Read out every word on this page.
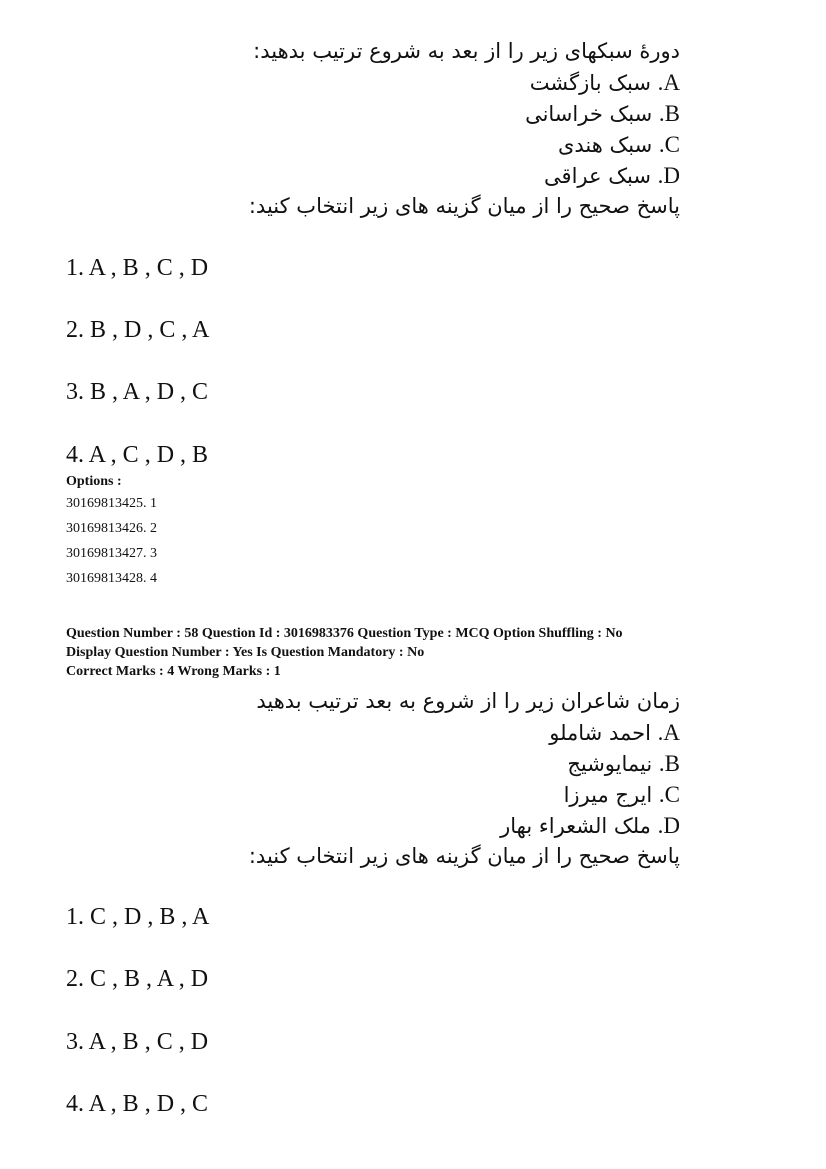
دورهٔ سبکهای زیر را از بعد به شروع ترتیب بدهید:
A. سبک بازگشت
B. سبک خراسانی
C. سبک هندی
D. سبک عراقی
پاسخ صحیح را از میان گزینه های زیر انتخاب کنید:
1. A , B , C , D
2. B , D , C , A
3. B , A , D , C
4. A , C , D , B
Options :
30169813425. 1
30169813426. 2
30169813427. 3
30169813428. 4
Question Number : 58 Question Id : 3016983376 Question Type : MCQ Option Shuffling : No
Display Question Number : Yes Is Question Mandatory : No
Correct Marks : 4 Wrong Marks : 1
زمان شاعران زیر را از شروع به بعد ترتیب بدهید
A. احمد شاملو
B. نیمایوشیج
C. ایرج میرزا
D. ملک الشعراء بهار
پاسخ صحیح را از میان گزینه های زیر انتخاب کنید:
1. C , D , B , A
2. C , B , A , D
3. A , B , C , D
4. A , B , D , C
